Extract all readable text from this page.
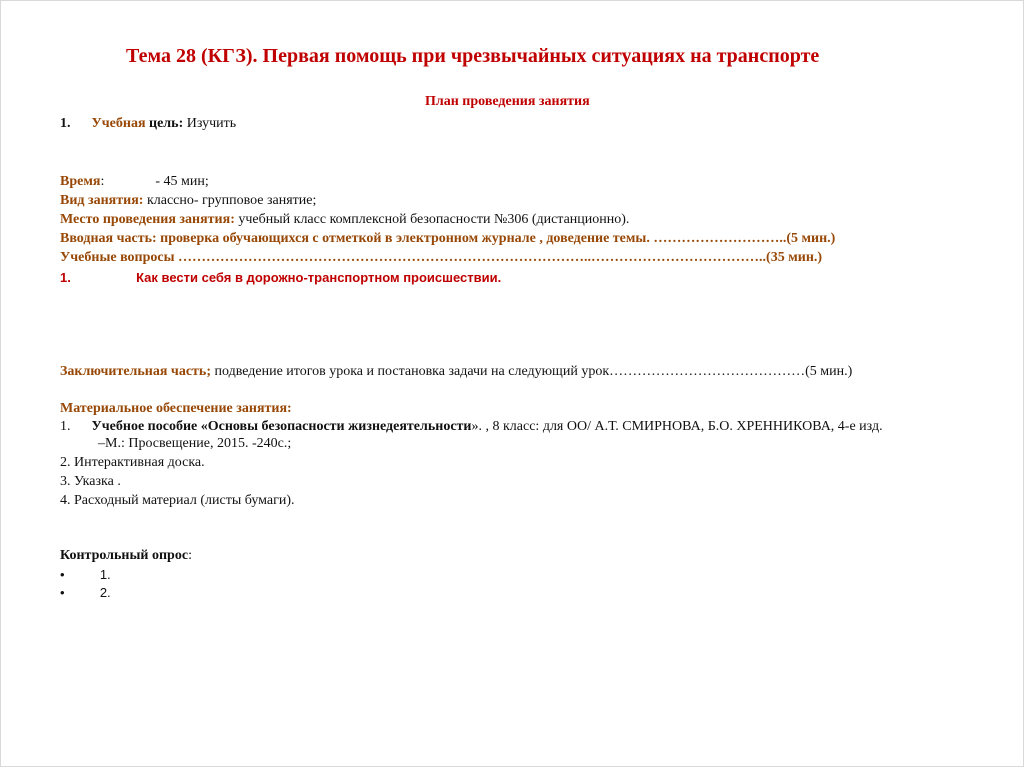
Тема 28 (КГЗ). Первая помощь при чрезвычайных ситуациях на транспорте
План проведения занятия
1. Учебная цель: Изучить
Время:	- 45 мин;
Вид занятия: классно- групповое занятие;
Место проведения занятия: учебный класс комплексной безопасности №306 (дистанционно).
Вводная часть: проверка обучающихся с отметкой в электронном журнале , доведение темы. ………………………..(5 мин.)
Учебные вопросы ……………………………………………………………………………..………………………………..(35 мин.)
1.	Как вести себя в дорожно-транспортном происшествии.
Заключительная часть; подведение итогов урока и постановка задачи на следующий урок……………………………………(5 мин.)
Материальное обеспечение занятия:
1. Учебное пособие «Основы безопасности жизнедеятельности». , 8 класс: для ОО/ А.Т. СМИРНОВА, Б.О. ХРЕННИКОВА, 4-е изд.
–М.: Просвещение, 2015. -240с.;
2. Интерактивная доска.
3. Указка .
4. Расходный материал (листы бумаги).
Контрольный опрос:
•	1.
•	2.
